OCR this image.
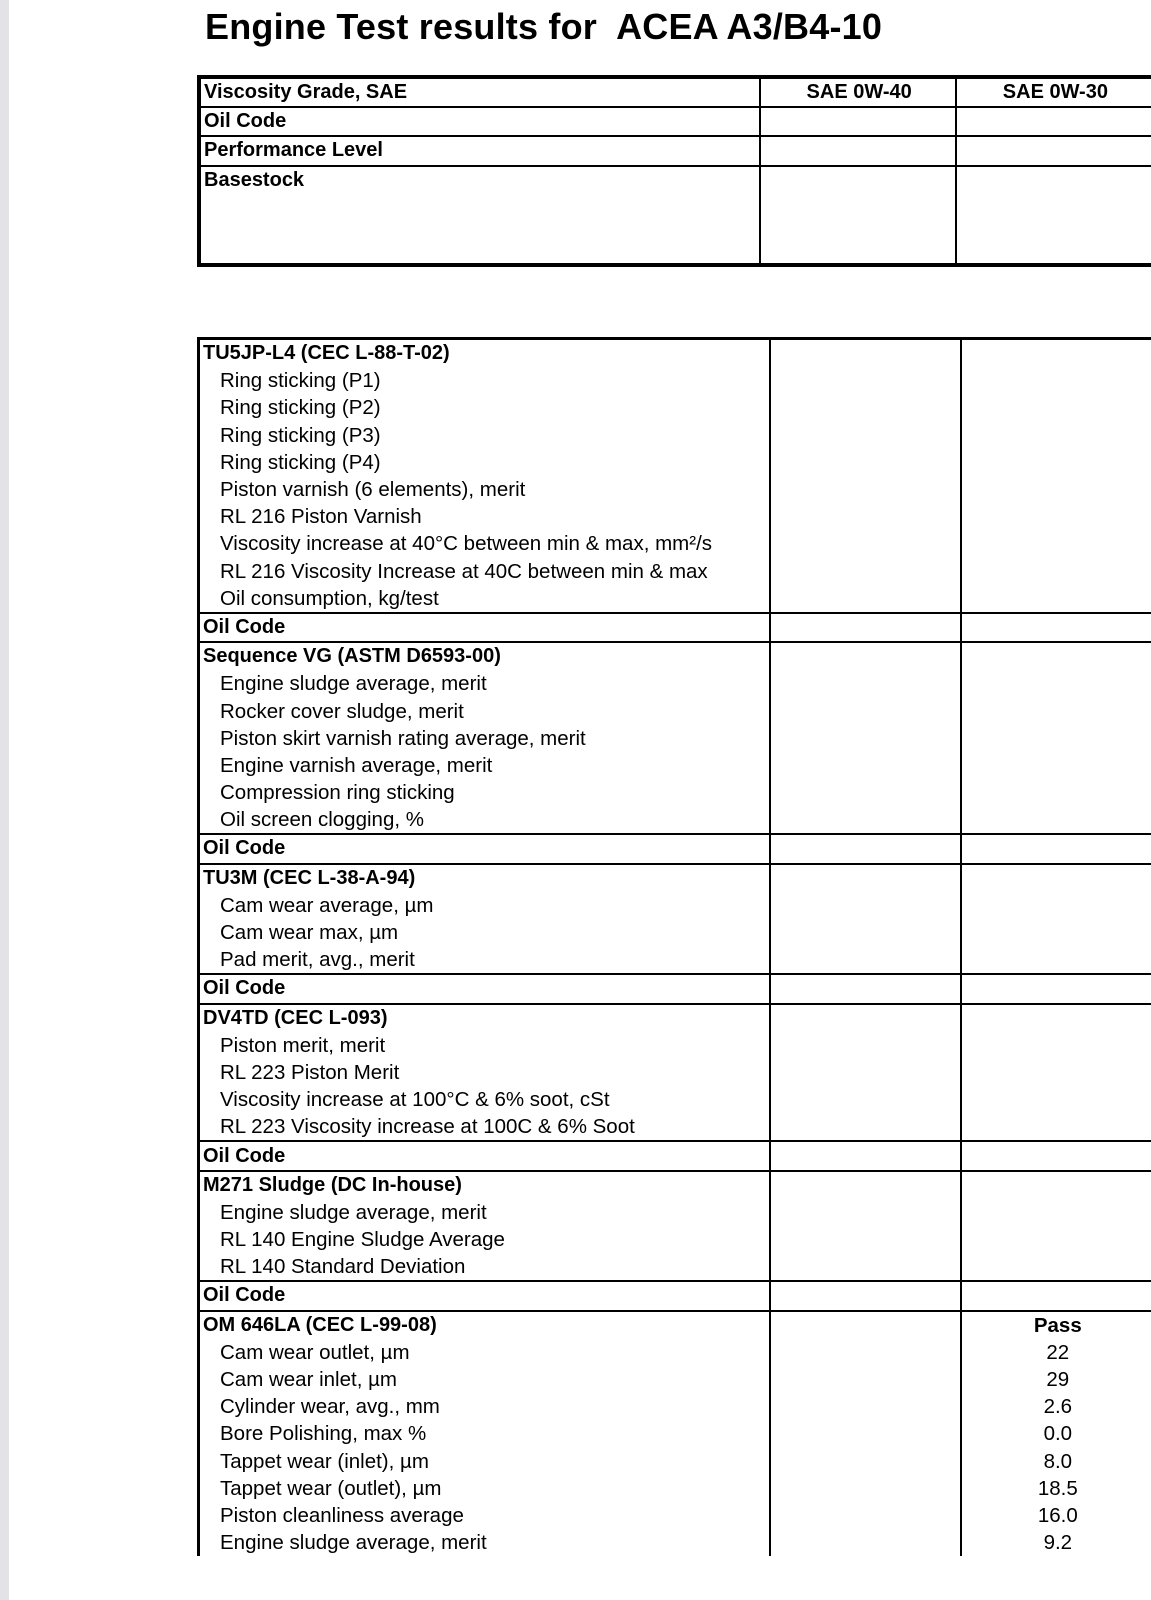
Engine Test results for  ACEA A3/B4-10
Viscosity Grade, SAE	SAE 0W-40	SAE 0W-30
Oil Code		
Performance Level		
Basestock		
TU5JP-L4 (CEC L-88-T-02)		
Ring sticking (P1)		
Ring sticking (P2)		
Ring sticking (P3)		
Ring sticking (P4)		
Piston varnish (6 elements), merit		
RL 216 Piston Varnish		
Viscosity increase at 40°C between min & max, mm²/s		
RL 216 Viscosity Increase at 40C between min & max		
Oil consumption, kg/test		
Oil Code		
Sequence VG (ASTM D6593-00)		
Engine sludge average, merit		
Rocker cover sludge, merit		
Piston skirt varnish rating average, merit		
Engine varnish average, merit		
Compression ring sticking		
Oil screen clogging, %		
Oil Code		
TU3M (CEC L-38-A-94)		
Cam wear average, µm		
Cam wear max, µm		
Pad merit, avg., merit		
Oil Code		
DV4TD (CEC L-093)		
Piston merit, merit		
RL 223 Piston Merit		
Viscosity increase at 100°C & 6% soot, cSt		
RL 223 Viscosity increase at 100C & 6% Soot		
Oil Code		
M271 Sludge (DC In-house)		
Engine sludge average, merit		
RL 140 Engine Sludge Average		
RL 140 Standard Deviation		
Oil Code		
OM 646LA (CEC L-99-08)		Pass
Cam wear outlet, µm		22
Cam wear inlet, µm		29
Cylinder wear, avg., mm		2.6
Bore Polishing, max %		0.0
Tappet wear (inlet), µm		8.0
Tappet wear (outlet), µm		18.5
Piston cleanliness average		16.0
Engine sludge average, merit		9.2
